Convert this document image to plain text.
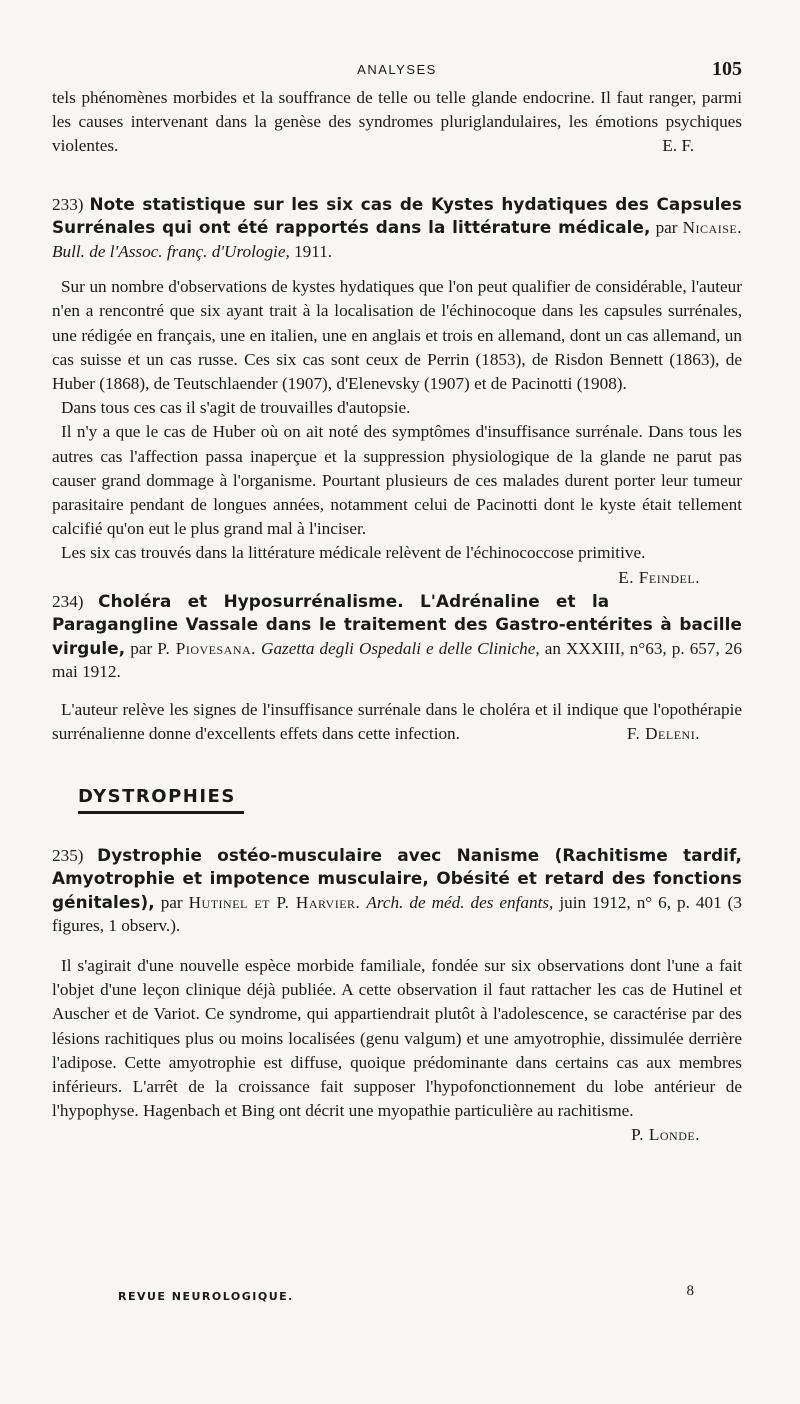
ANALYSES	105

tels phénomènes morbides et la souffrance de telle ou telle glande endocrine. Il faut ranger, parmi les causes intervenant dans la genèse des syndromes pluriglandulaires, les émotions psychiques violentes.	E. F.

233) Note statistique sur les six cas de Kystes hydatiques des Capsules Surrénales qui ont été rapportés dans la littérature médicale, par Nicaise. Bull. de l'Assoc. franç. d'Urologie, 1911.

Sur un nombre d'observations de kystes hydatiques que l'on peut qualifier de considérable, l'auteur n'en a rencontré que six ayant trait à la localisation de l'échinocoque dans les capsules surrénales, une rédigée en français, une en italien, une en anglais et trois en allemand, dont un cas allemand, un cas suisse et un cas russe. Ces six cas sont ceux de Perrin (1853), de Risdon Bennett (1863), de Huber (1868), de Teutschlaender (1907), d'Elenevsky (1907) et de Pacinotti (1908).

Dans tous ces cas il s'agit de trouvailles d'autopsie.

Il n'y a que le cas de Huber où on ait noté des symptômes d'insuffisance surrénale. Dans tous les autres cas l'affection passa inaperçue et la suppression physiologique de la glande ne parut pas causer grand dommage à l'organisme. Pourtant plusieurs de ces malades durent porter leur tumeur parasitaire pendant de longues années, notamment celui de Pacinotti dont le kyste était tellement calcifié qu'on eut le plus grand mal à l'inciser.

Les six cas trouvés dans la littérature médicale relèvent de l'échinococcose primitive.
E. Feindel.

234) Choléra et Hyposurrénalisme. L'Adrénaline et la Paragangline Vassale dans le traitement des Gastro-entérites à bacille virgule, par P. Piovesana. Gazetta degli Ospedali e delle Cliniche, an XXXIII, n°63, p. 657, 26 mai 1912.

L'auteur relève les signes de l'insuffisance surrénale dans le choléra et il indique que l'opothérapie surrénalienne donne d'excellents effets dans cette infection.	F. Deleni.

DYSTROPHIES
235) Dystrophie ostéo-musculaire avec Nanisme (Rachitisme tardif, Amyotrophie et impotence musculaire, Obésité et retard des fonctions génitales), par Hutinel et P. Harvier. Arch. de méd. des enfants, juin 1912, n° 6, p. 401 (3 figures, 1 observ.).

Il s'agirait d'une nouvelle espèce morbide familiale, fondée sur six observations dont l'une a fait l'objet d'une leçon clinique déjà publiée. A cette observation il faut rattacher les cas de Hutinel et Auscher et de Variot. Ce syndrome, qui appartiendrait plutôt à l'adolescence, se caractérise par des lésions rachitiques plus ou moins localisées (genu valgum) et une amyotrophie, dissimulée derrière l'adipose. Cette amyotrophie est diffuse, quoique prédominante dans certains cas aux membres inférieurs. L'arrêt de la croissance fait supposer l'hypofonctionnement du lobe antérieur de l'hypophyse. Hagenbach et Bing ont décrit une myopathie particulière au rachitisme.
P. Londe.

REVUE NEUROLOGIQUE.	8
